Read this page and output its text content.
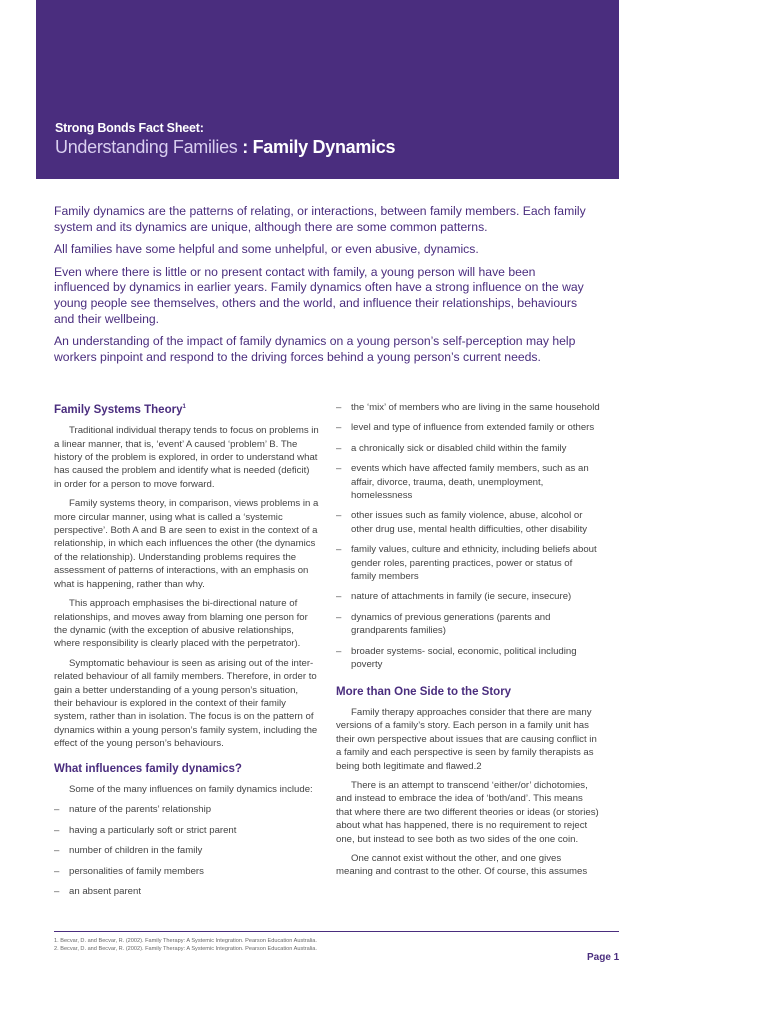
Strong Bonds Fact Sheet:
Understanding Families : Family Dynamics

Family dynamics are the patterns of relating, or interactions, between family members. Each family system and its dynamics are unique, although there are some common patterns.

All families have some helpful and some unhelpful, or even abusive, dynamics.

Even where there is little or no present contact with family, a young person will have been influenced by dynamics in earlier years. Family dynamics often have a strong influence on the way young people see themselves, others and the world, and influence their relationships, behaviours and their wellbeing.

An understanding of the impact of family dynamics on a young person’s self-perception may help workers pinpoint and respond to the driving forces behind a young person’s current needs.

Family Systems Theory$^1$

Traditional individual therapy tends to focus on problems in a linear manner, that is, ‘event’ A caused ‘problem’ B. The history of the problem is explored, in order to understand what has caused the problem and identify what is needed (deficit) in order for a person to move forward.

Family systems theory, in comparison, views problems in a more circular manner, using what is called a ‘systemic perspective’. Both A and B are seen to exist in the context of a relationship, in which each influences the other (the dynamics of the relationship). Understanding problems requires the assessment of patterns of interactions, with an emphasis on what is happening, rather than why.

This approach emphasises the bi-directional nature of relationships, and moves away from blaming one person for the dynamic (with the exception of abusive relationships, where responsibility is clearly placed with the perpetrator).

Symptomatic behaviour is seen as arising out of the inter-related behaviour of all family members. Therefore, in order to gain a better understanding of a young person’s situation, their behaviour is explored in the context of their family system, rather than in isolation. The focus is on the pattern of dynamics within a young person’s family system, including the effect of the young person’s behaviours.

What influences family dynamics?

Some of the many influences on family dynamics include:

– nature of the parents’ relationship
– having a particularly soft or strict parent
– number of children in the family
– personalities of family members
– an absent parent
– the ‘mix’ of members who are living in the same household
– level and type of influence from extended family or others
– a chronically sick or disabled child within the family
– events which have affected family members, such as an affair, divorce, trauma, death, unemployment, homelessness
– other issues such as family violence, abuse, alcohol or other drug use, mental health difficulties, other disability
– family values, culture and ethnicity, including beliefs about gender roles, parenting practices, power or status of family members
– nature of attachments in family (ie secure, insecure)
– dynamics of previous generations (parents and grandparents families)
– broader systems- social, economic, political including poverty
More than One Side to the Story

Family therapy approaches consider that there are many versions of a family’s story. Each person in a family unit has their own perspective about issues that are causing conflict in a family and each perspective is seen by family therapists as being both legitimate and flawed.2

There is an attempt to transcend ‘either/or’ dichotomies, and instead to embrace the idea of ‘both/and’. This means that where there are two different theories or ideas (or stories) about what has happened, there is no requirement to reject one, but instead to see both as two sides of the one coin.

One cannot exist without the other, and one gives meaning and contrast to the other. Of course, this assumes

1. Becvar, D. and Becvar, R. (2002). Family Therapy: A Systemic Integration. Pearson Education Australia.
2. Becvar, D. and Becvar, R. (2002). Family Therapy: A Systemic Integration. Pearson Education Australia.
Page 1
